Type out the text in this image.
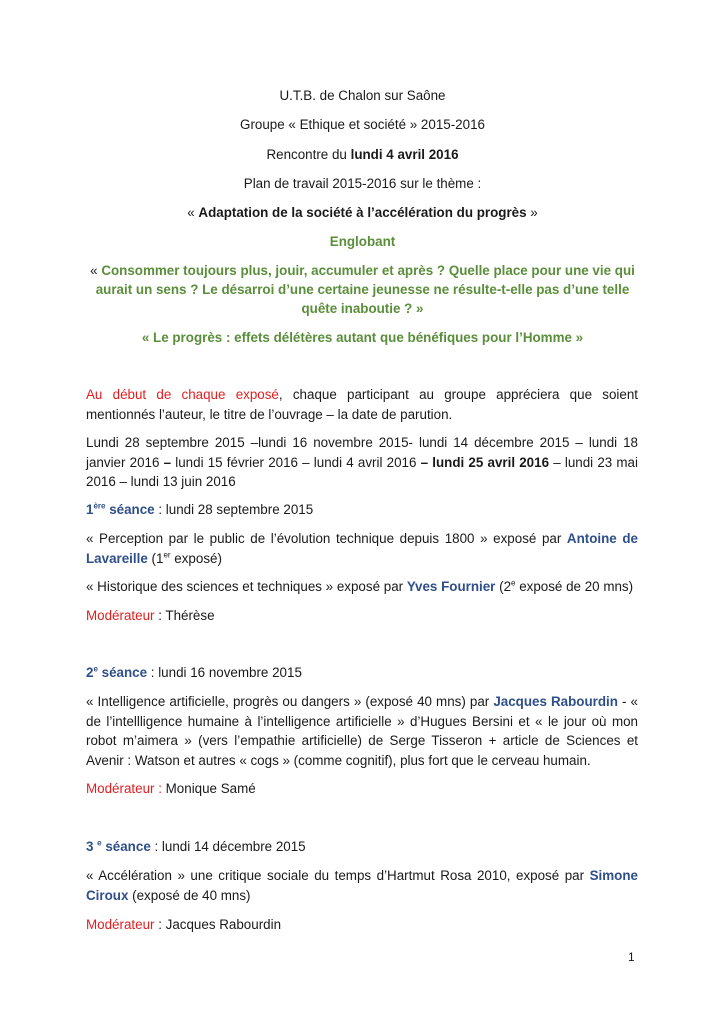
U.T.B. de Chalon sur Saône
Groupe « Ethique et société » 2015-2016
Rencontre du lundi 4 avril 2016
Plan de travail 2015-2016 sur le thème :
« Adaptation de la société à l’accélération du progrès »
Englobant
« Consommer toujours plus, jouir, accumuler et après ? Quelle place pour une vie qui aurait un sens ? Le désarroi d’une certaine jeunesse ne résulte-t-elle pas d’une telle quête inaboutie ? »
« Le progrès : effets délétères autant que bénéfiques pour l’Homme »
Au début de chaque exposé, chaque participant au groupe appréciera que soient mentionnés l’auteur, le titre de l’ouvrage – la date de parution.
Lundi 28 septembre 2015 –lundi 16 novembre 2015- lundi 14 décembre 2015 – lundi 18 janvier 2016 – lundi 15 février 2016 – lundi 4 avril 2016 – lundi 25 avril 2016 – lundi 23 mai 2016 – lundi 13 juin 2016
1ère séance : lundi 28 septembre 2015
« Perception par le public de l’évolution technique depuis 1800 » exposé par Antoine de Lavareille (1er exposé)
« Historique des sciences et techniques » exposé par Yves Fournier (2e exposé de 20 mns)
Modérateur : Thérèse
2e séance : lundi 16 novembre 2015
« Intelligence artificielle, progrès ou dangers » (exposé 40 mns) par Jacques Rabourdin - « de l’intellligence humaine à l’intelligence artificielle » d’Hugues Bersini et « le jour où mon robot m’aimera » (vers l’empathie artificielle) de Serge Tisseron + article de Sciences et Avenir : Watson et autres « cogs » (comme cognitif), plus fort que le cerveau humain.
Modérateur : Monique Samé
3 $^e$ séance : lundi 14 décembre 2015
« Accélération » une critique sociale du temps d’Hartmut Rosa 2010, exposé par Simone Ciroux (exposé de 40 mns)
Modérateur : Jacques Rabourdin
1
